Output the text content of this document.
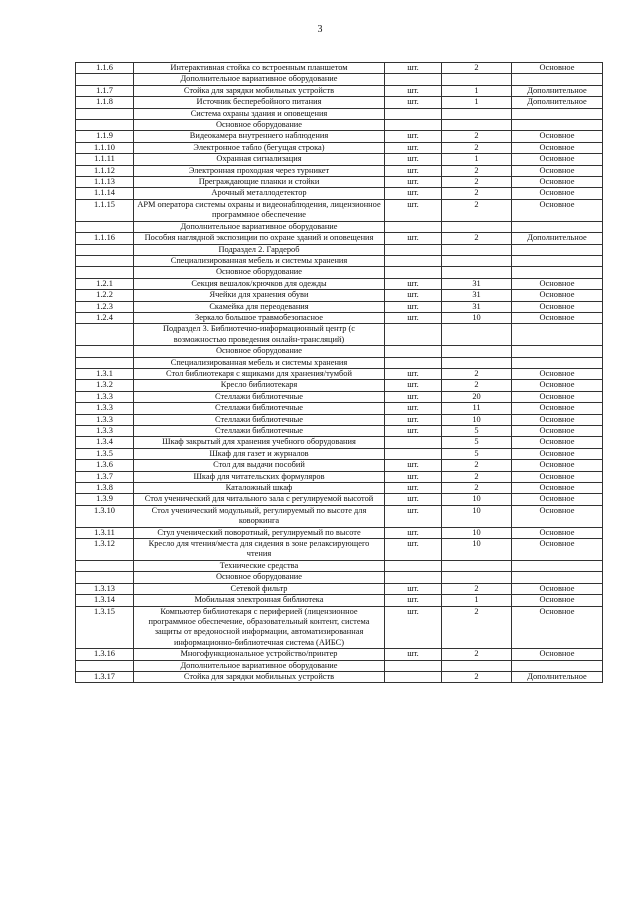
3
1.1.6	Интерактивная стойка со встроенным планшетом	шт.	2	Основное
	Дополнительное вариативное оборудование			
1.1.7	Стойка для зарядки мобильных устройств	шт.	1	Дополнительное
1.1.8	Источник бесперебойного питания	шт.	1	Дополнительное
	Система охраны здания и оповещения			
	Основное оборудование			
1.1.9	Видеокамера внутреннего наблюдения	шт.	2	Основное
1.1.10	Электронное табло (бегущая строка)	шт.	2	Основное
1.1.11	Охранная сигнализация	шт.	1	Основное
1.1.12	Электронная проходная через турникет	шт.	2	Основное
1.1.13	Преграждающие планки и стойки	шт.	2	Основное
1.1.14	Арочный металлодетектор	шт.	2	Основное
1.1.15	АРМ оператора системы охраны и видеонаблюдения, лицензионное программное обеспечение	шт.	2	Основное
	Дополнительное вариативное оборудование			
1.1.16	Пособия наглядной экспозиции по охране зданий и оповещения	шт.	2	Дополнительное
	Подраздел 2. Гардероб			
	Специализированная мебель и системы хранения			
	Основное оборудование			
1.2.1	Секция вешалок/крючков для одежды	шт.	31	Основное
1.2.2	Ячейки для хранения обуви	шт.	31	Основное
1.2.3	Скамейка для переодевания	шт.	31	Основное
1.2.4	Зеркало большое травмобезопасное	шт.	10	Основное
	Подраздел 3. Библиотечно-информационный центр (с возможностью проведения онлайн-трансляций)			
	Основное оборудование			
	Специализированная мебель и системы хранения			
1.3.1	Стол библиотекаря с ящиками для хранения/тумбой	шт.	2	Основное
1.3.2	Кресло библиотекаря	шт.	2	Основное
1.3.3	Стеллажи библиотечные	шт.	20	Основное
1.3.3	Стеллажи библиотечные	шт.	11	Основное
1.3.3	Стеллажи библиотечные	шт.	10	Основное
1.3.3	Стеллажи библиотечные	шт.	5	Основное
1.3.4	Шкаф закрытый для хранения учебного оборудования		5	Основное
1.3.5	Шкаф для газет и журналов		5	Основное
1.3.6	Стол для выдачи пособий	шт.	2	Основное
1.3.7	Шкаф для читательских формуляров	шт.	2	Основное
1.3.8	Каталожный шкаф	шт.	2	Основное
1.3.9	Стол ученический для читального зала с регулируемой высотой	шт.	10	Основное
1.3.10	Стол ученический модульный, регулируемый по высоте для коворкинга	шт.	10	Основное
1.3.11	Стул ученический поворотный, регулируемый по высоте	шт.	10	Основное
1.3.12	Кресло для чтения/места для сидения в зоне релаксирующего чтения	шт.	10	Основное
	Технические средства			
	Основное оборудование			
1.3.13	Сетевой фильтр	шт.	2	Основное
1.3.14	Мобильная электронная библиотека	шт.	1	Основное
1.3.15	Компьютер библиотекаря с периферией (лицензионное программное обеспечение, образовательный контент, система защиты от вредоносной информации, автоматизированная информационно-библиотечная система (АИБС)	шт.	2	Основное
1.3.16	Многофункциональное устройство/принтер	шт.	2	Основное
	Дополнительное вариативное оборудование			
1.3.17	Стойка для зарядки мобильных устройств		2	Дополнительное
